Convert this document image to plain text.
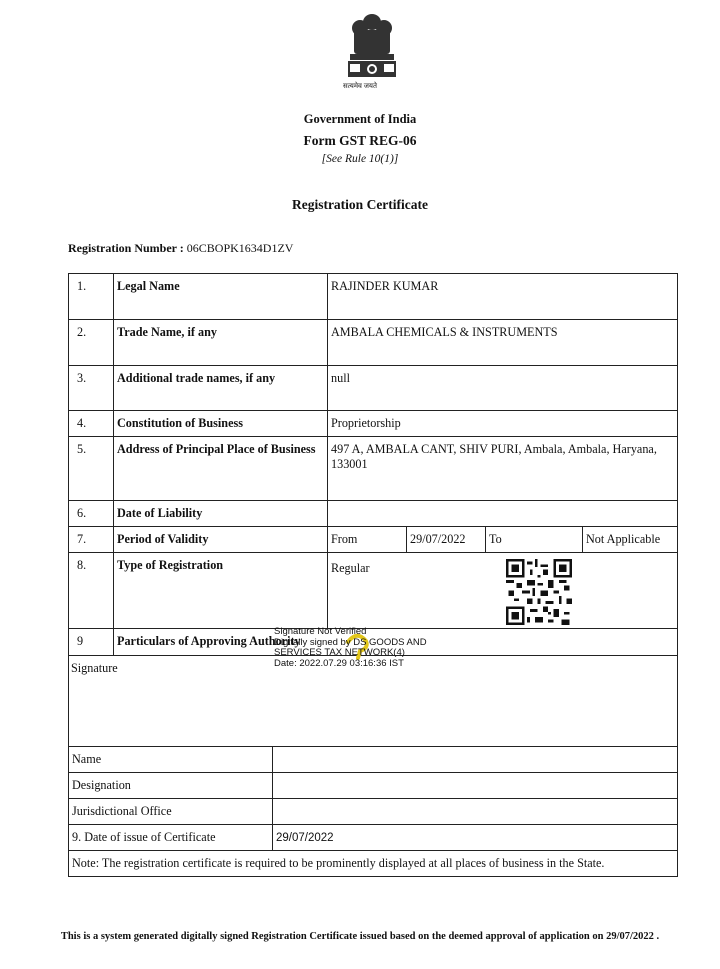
सत्यमेव जयते
Government of India
Form GST REG-06
[See Rule 10(1)]
Registration Certificate
Registration Number : 06CBOPK1634D1ZV
1.	Legal Name	RAJINDER KUMAR			
2.	Trade Name, if any	AMBALA CHEMICALS & INSTRUMENTS			
3.	Additional trade names, if any	null			
4.	Constitution of Business	Proprietorship			
5.	Address of Principal Place of Business	497 A, AMBALA CANT, SHIV PURI, Ambala, Ambala, Haryana, 133001			
6.	Date of Liability				
7.	Period of Validity	From	29/07/2022	To	Not Applicable
8.	Type of Registration	Regular			
9	Particulars of Approving Authority				
Signature
Signature Not Verified
Digitally signed by DS GOODS AND
SERVICES TAX NETWORK(4)
Date: 2022.07.29 03:16:36 IST
Name	
Designation	
Jurisdictional Office	
9. Date of issue of Certificate	29/07/2022
Note: The registration certificate is required to be prominently displayed at all places of business in the State.	
This is a system generated digitally signed Registration Certificate issued based on the deemed approval of application on 29/07/2022 .
